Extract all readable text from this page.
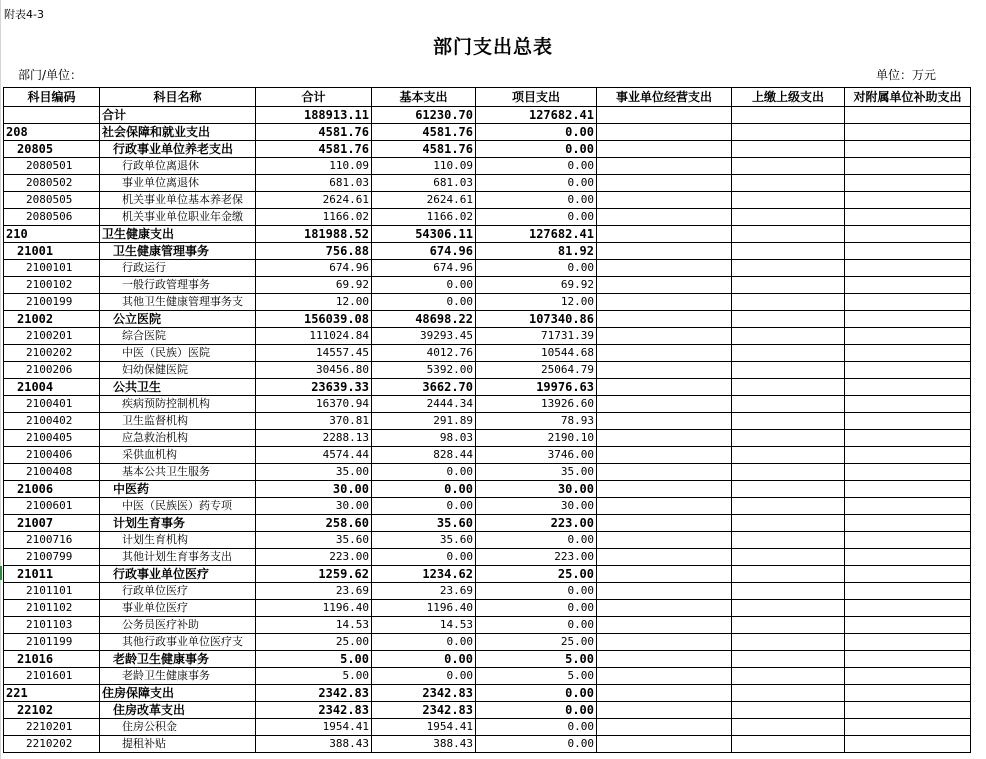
附表4-3
部门支出总表
部门/单位：	单位：万元
科目编码	科目名称	合计	基本支出	项目支出	事业单位经营支出	上缴上级支出	对附属单位补助支出
	合计	188913.11	61230.70	127682.41			
208	社会保障和就业支出	4581.76	4581.76	0.00			
20805	行政事业单位养老支出	4581.76	4581.76	0.00			
2080501	行政单位离退休	110.09	110.09	0.00			
2080502	事业单位离退休	681.03	681.03	0.00			
2080505	机关事业单位基本养老保	2624.61	2624.61	0.00			
2080506	机关事业单位职业年金缴	1166.02	1166.02	0.00			
210	卫生健康支出	181988.52	54306.11	127682.41			
21001	卫生健康管理事务	756.88	674.96	81.92			
2100101	行政运行	674.96	674.96	0.00			
2100102	一般行政管理事务	69.92	0.00	69.92			
2100199	其他卫生健康管理事务支	12.00	0.00	12.00			
21002	公立医院	156039.08	48698.22	107340.86			
2100201	综合医院	111024.84	39293.45	71731.39			
2100202	中医（民族）医院	14557.45	4012.76	10544.68			
2100206	妇幼保健医院	30456.80	5392.00	25064.79			
21004	公共卫生	23639.33	3662.70	19976.63			
2100401	疾病预防控制机构	16370.94	2444.34	13926.60			
2100402	卫生监督机构	370.81	291.89	78.93			
2100405	应急救治机构	2288.13	98.03	2190.10			
2100406	采供血机构	4574.44	828.44	3746.00			
2100408	基本公共卫生服务	35.00	0.00	35.00			
21006	中医药	30.00	0.00	30.00			
2100601	中医（民族医）药专项	30.00	0.00	30.00			
21007	计划生育事务	258.60	35.60	223.00			
2100716	计划生育机构	35.60	35.60	0.00			
2100799	其他计划生育事务支出	223.00	0.00	223.00			
21011	行政事业单位医疗	1259.62	1234.62	25.00			
2101101	行政单位医疗	23.69	23.69	0.00			
2101102	事业单位医疗	1196.40	1196.40	0.00			
2101103	公务员医疗补助	14.53	14.53	0.00			
2101199	其他行政事业单位医疗支	25.00	0.00	25.00			
21016	老龄卫生健康事务	5.00	0.00	5.00			
2101601	老龄卫生健康事务	5.00	0.00	5.00			
221	住房保障支出	2342.83	2342.83	0.00			
22102	住房改革支出	2342.83	2342.83	0.00			
2210201	住房公积金	1954.41	1954.41	0.00			
2210202	提租补贴	388.43	388.43	0.00			
